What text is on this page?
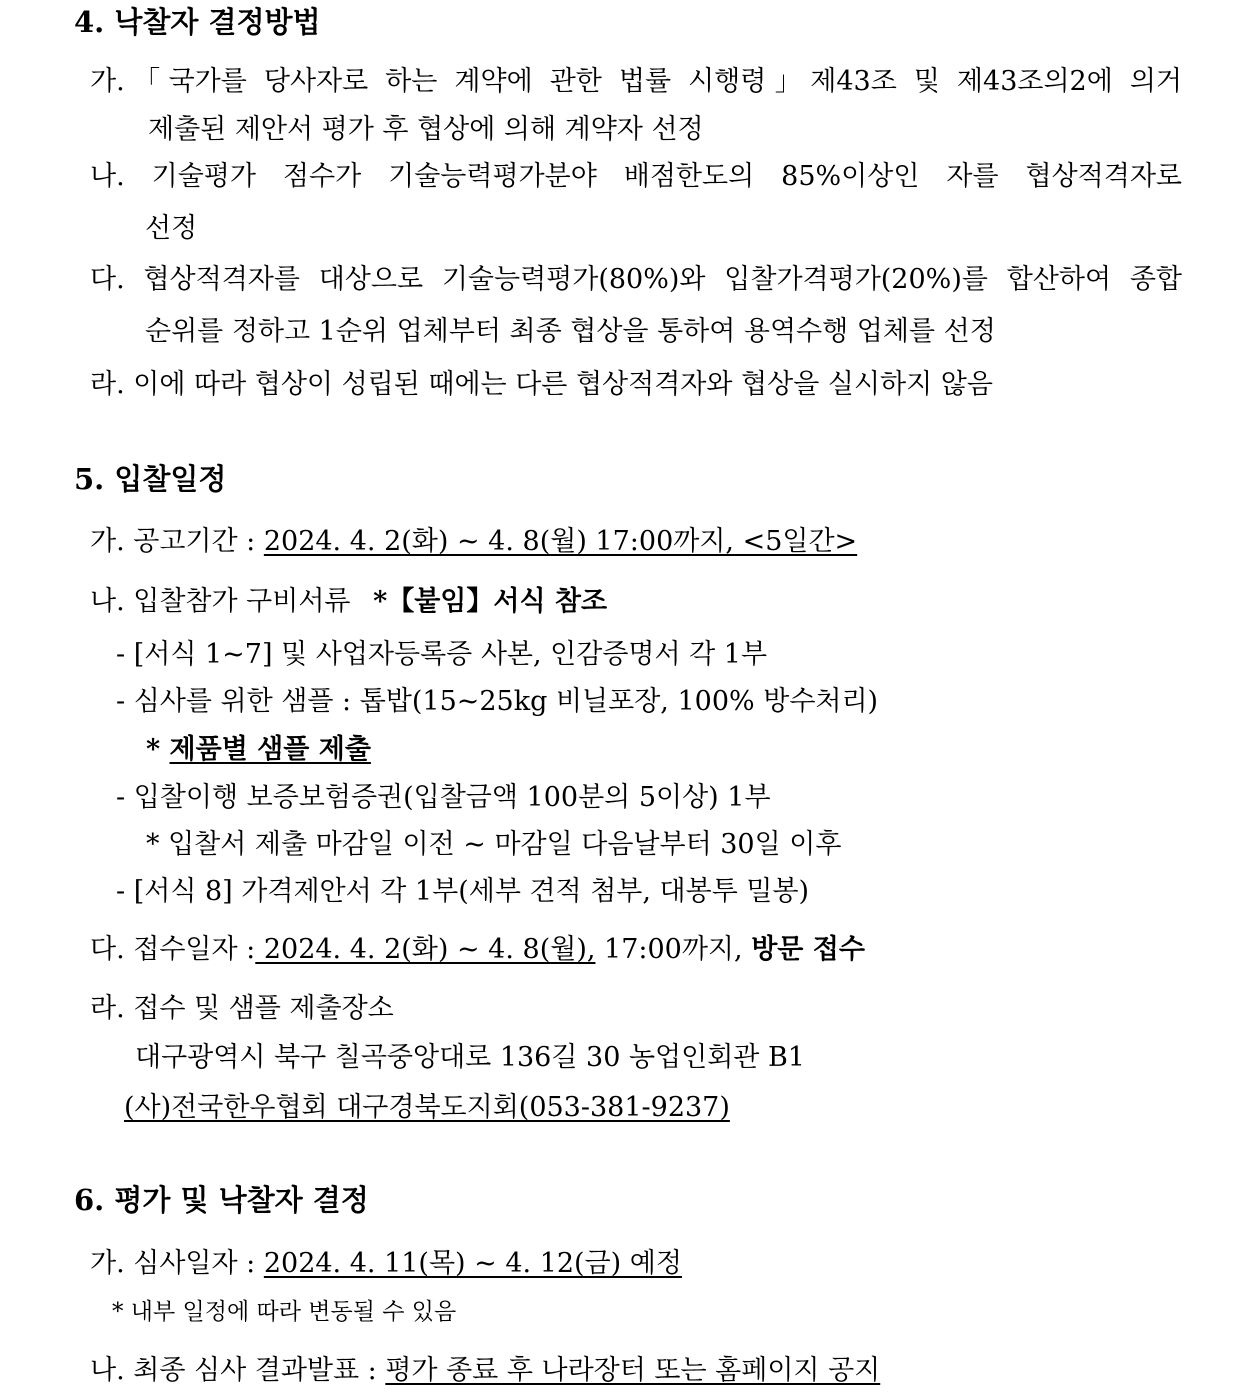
4. 낙찰자 결정방법
가.「국가를 당사자로 하는 계약에 관한 법률 시행령」제43조 및 제43조의2에 의거
제출된 제안서 평가 후 협상에 의해 계약자 선정
나. 기술평가 점수가 기술능력평가분야 배점한도의 85%이상인 자를 협상적격자로
선정
다. 협상적격자를 대상으로 기술능력평가(80%)와 입찰가격평가(20%)를 합산하여 종합
순위를 정하고 1순위 업체부터 최종 협상을 통하여 용역수행 업체를 선정
라. 이에 따라 협상이 성립된 때에는 다른 협상적격자와 협상을 실시하지 않음
5. 입찰일정
가. 공고기간 : 2024. 4. 2(화) ~ 4. 8(월) 17:00까지, <5일간>
나. 입찰참가 구비서류 *【붙임】서식 참조
- [서식 1~7] 및 사업자등록증 사본, 인감증명서 각 1부
- 심사를 위한 샘플 : 톱밥(15~25kg 비닐포장, 100% 방수처리)
* 제품별 샘플 제출
- 입찰이행 보증보험증권(입찰금액 100분의 5이상) 1부
* 입찰서 제출 마감일 이전 ~ 마감일 다음날부터 30일 이후
- [서식 8] 가격제안서 각 1부(세부 견적 첨부, 대봉투 밀봉)
다. 접수일자 : 2024. 4. 2(화) ~ 4. 8(월), 17:00까지, 방문 접수
라. 접수 및 샘플 제출장소
대구광역시 북구 칠곡중앙대로 136길 30 농업인회관 B1
(사)전국한우협회 대구경북도지회(053-381-9237)
6. 평가 및 낙찰자 결정
가. 심사일자 : 2024. 4. 11(목) ~ 4. 12(금) 예정
* 내부 일정에 따라 변동될 수 있음
나. 최종 심사 결과발표 : 평가 종료 후 나라장터 또는 홈페이지 공지
